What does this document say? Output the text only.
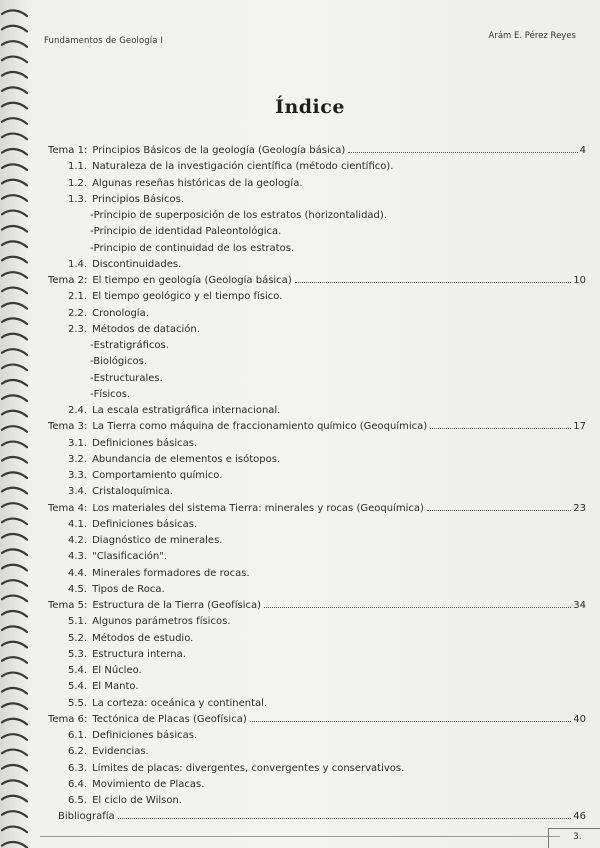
Fundamentos de Geología I	Arám E. Pérez Reyes
Índice
Tema 1: Principios Básicos de la geología (Geología básica)	4
1.1. Naturaleza de la investigación científica (método científico).
1.2. Algunas reseñas históricas de la geología.
1.3. Principios Básicos.
-Principio de superposición de los estratos (horizontalidad).
-Principio de identidad Paleontológica.
-Principio de continuidad de los estratos.
1.4. Discontinuidades.
Tema 2: El tiempo en geología (Geología básica)	10
2.1. El tiempo geológico y el tiempo físico.
2.2. Cronología.
2.3. Métodos de datación.
-Estratigráficos.
-Biológicos.
-Estructurales.
-Físicos.
2.4. La escala estratigráfica internacional.
Tema 3: La Tierra como máquina de fraccionamiento químico (Geoquímica)	17
3.1. Definiciones básicas.
3.2. Abundancia de elementos e isótopos.
3.3. Comportamiento químico.
3.4. Cristaloquímica.
Tema 4: Los materiales del sistema Tierra: minerales y rocas (Geoquímica)	23
4.1. Definiciones básicas.
4.2. Diagnóstico de minerales.
4.3. "Clasificación".
4.4. Minerales formadores de rocas.
4.5. Tipos de Roca.
Tema 5: Estructura de la Tierra (Geofísica)	34
5.1. Algunos parámetros físicos.
5.2. Métodos de estudio.
5.3. Estructura interna.
5.4. El Núcleo.
5.4. El Manto.
5.5. La corteza: oceánica y continental.
Tema 6: Tectónica de Placas (Geofísica)	40
6.1. Definiciones básicas.
6.2. Evidencias.
6.3. Límites de placas: divergentes, convergentes y conservativos.
6.4. Movimiento de Placas.
6.5. El ciclo de Wilson.
Bibliografía	46
3.
